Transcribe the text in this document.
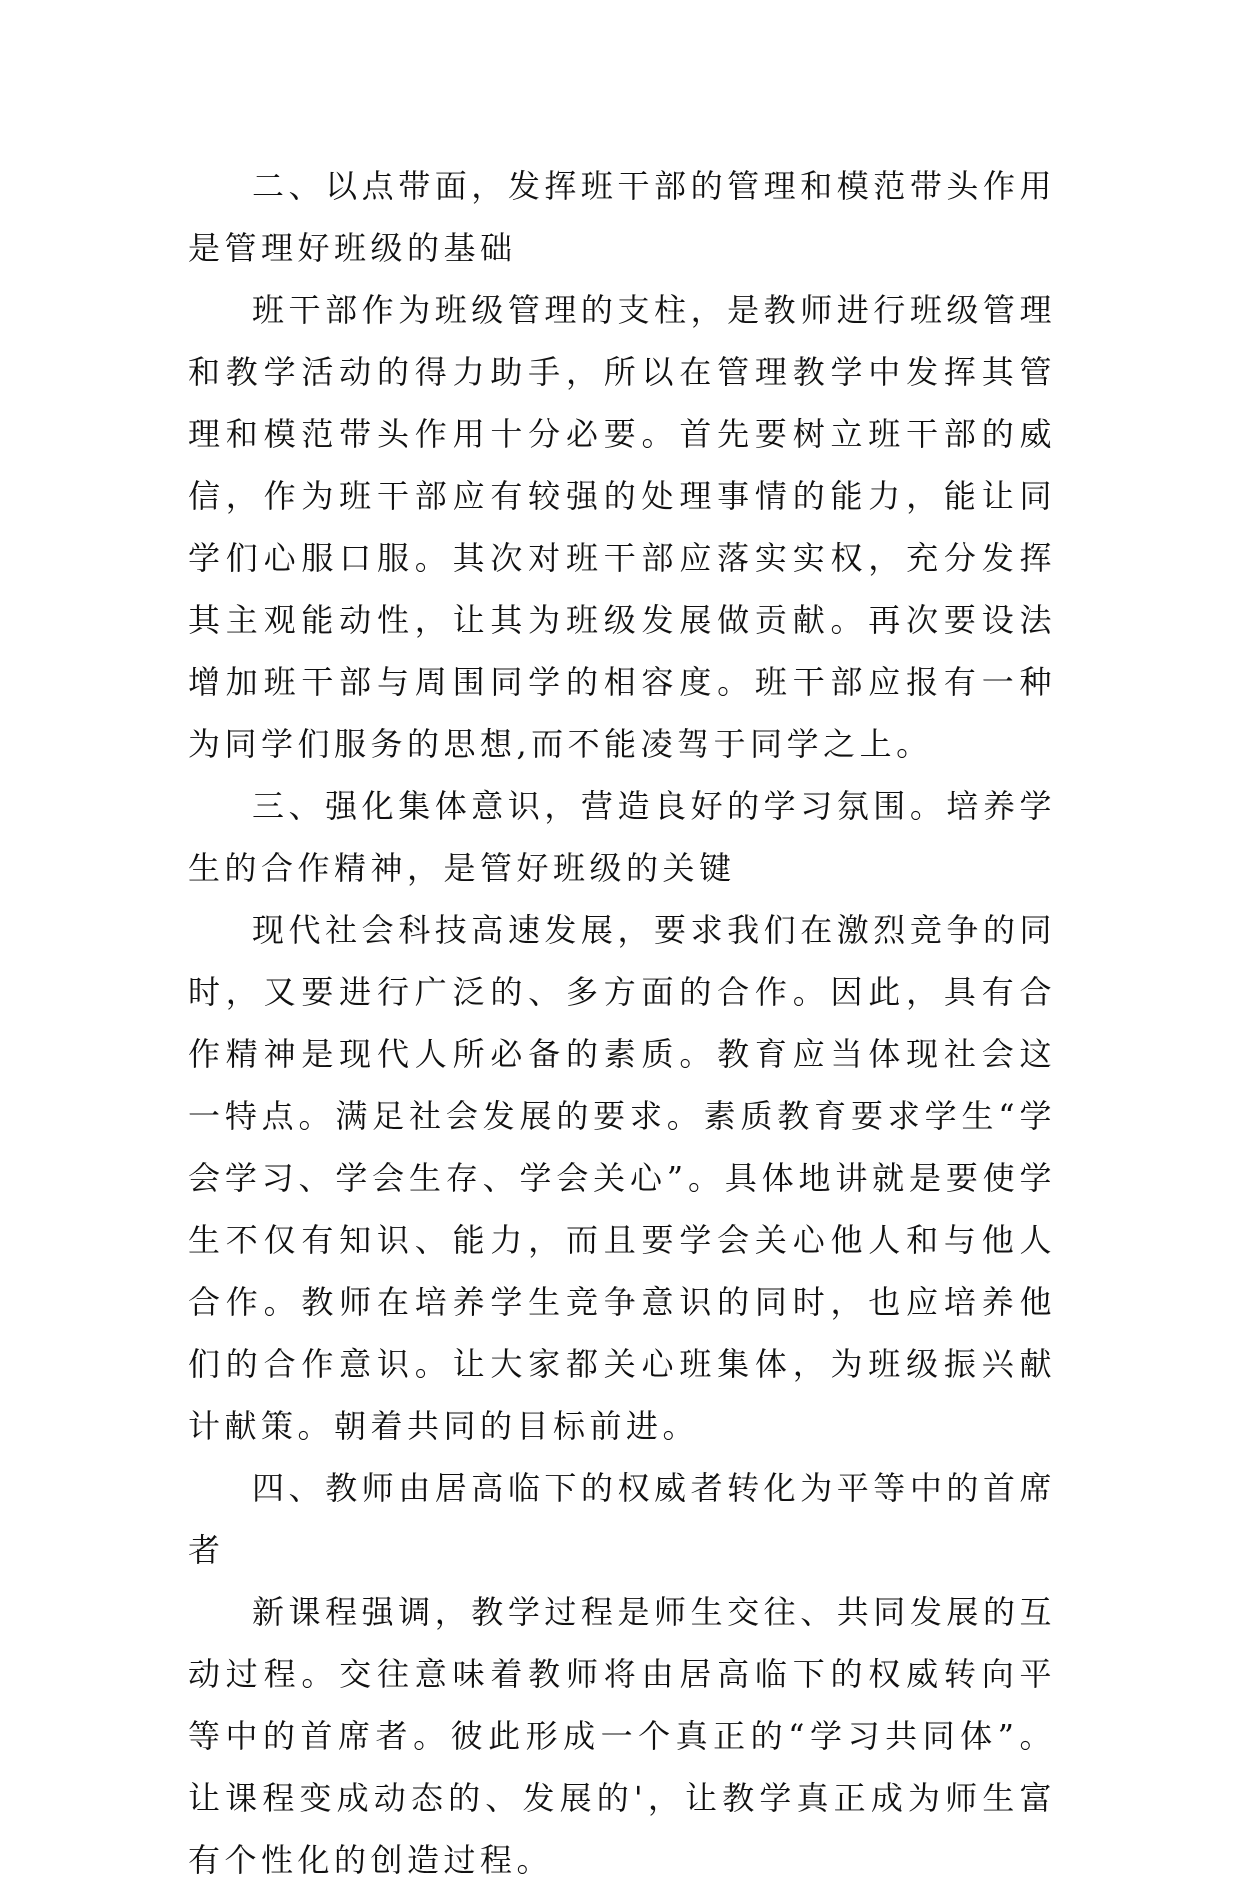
二、以点带面，发挥班干部的管理和模范带头作用是管理好班级的基础

班干部作为班级管理的支柱，是教师进行班级管理和教学活动的得力助手，所以在管理教学中发挥其管理和模范带头作用十分必要。首先要树立班干部的威信，作为班干部应有较强的处理事情的能力，能让同学们心服口服。其次对班干部应落实实权，充分发挥其主观能动性，让其为班级发展做贡献。再次要设法增加班干部与周围同学的相容度。班干部应报有一种为同学们服务的思想,而不能凌驾于同学之上。

三、强化集体意识，营造良好的学习氛围。培养学生的合作精神，是管好班级的关键

现代社会科技高速发展，要求我们在激烈竞争的同时，又要进行广泛的、多方面的合作。因此，具有合作精神是现代人所必备的素质。教育应当体现社会这一特点。满足社会发展的要求。素质教育要求学生“学会学习、学会生存、学会关心”。具体地讲就是要使学生不仅有知识、能力，而且要学会关心他人和与他人合作。教师在培养学生竞争意识的同时，也应培养他们的合作意识。让大家都关心班集体，为班级振兴献计献策。朝着共同的目标前进。

四、教师由居高临下的权威者转化为平等中的首席者

新课程强调，教学过程是师生交往、共同发展的互动过程。交往意味着教师将由居高临下的权威转向平等中的首席者。彼此形成一个真正的“学习共同体”。让课程变成动态的、发展的'，让教学真正成为师生富有个性化的创造过程。
